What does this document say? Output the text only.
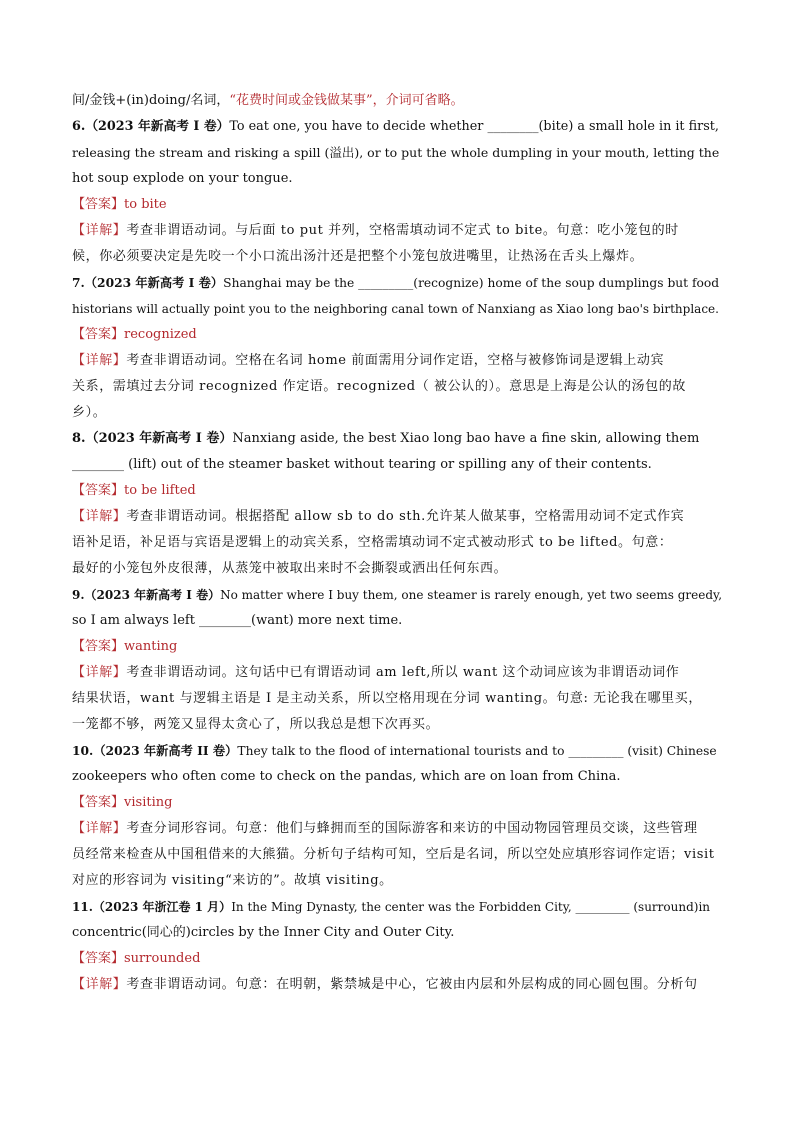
间/金钱+(in)doing/名词，“花费时间或金钱做某事”，介词可省略。
6.（2023 年新高考 I 卷）To eat one, you have to decide whether ________(bite) a small hole in it first,
releasing the stream and risking a spill (溢出), or to put the whole dumpling in your mouth, letting the
hot soup explode on your tongue.
【答案】to bite
【详解】考查非谓语动词。与后面 to put 并列，空格需填动词不定式 to bite。句意：吃小笼包的时
候，你必须要决定是先咬一个小口流出汤汁还是把整个小笼包放进嘴里，让热汤在舌头上爆炸。
7.（2023 年新高考 I 卷）Shanghai may be the _________(recognize) home of the soup dumplings but food
historians will actually point you to the neighboring canal town of Nanxiang as Xiao long bao's birthplace.
【答案】recognized
【详解】考查非谓语动词。空格在名词 home 前面需用分词作定语，空格与被修饰词是逻辑上动宾
关系，需填过去分词 recognized 作定语。recognized（ 被公认的）。意思是上海是公认的汤包的故
乡）。
8.（2023 年新高考 I 卷）Nanxiang aside, the best Xiao long bao have a fine skin, allowing them
________ (lift) out of the steamer basket without tearing or spilling any of their contents.
【答案】to be lifted
【详解】考查非谓语动词。根据搭配 allow sb to do sth.允许某人做某事，空格需用动词不定式作宾
语补足语，补足语与宾语是逻辑上的动宾关系，空格需填动词不定式被动形式 to be lifted。句意：
最好的小笼包外皮很薄，从蒸笼中被取出来时不会撕裂或洒出任何东西。
9.（2023 年新高考 I 卷）No matter where I buy them, one steamer is rarely enough, yet two seems greedy,
so I am always left ________(want) more next time.
【答案】wanting
【详解】考查非谓语动词。这句话中已有谓语动词 am left,所以 want 这个动词应该为非谓语动词作
结果状语，want 与逻辑主语是 I 是主动关系，所以空格用现在分词 wanting。句意: 无论我在哪里买，
一笼都不够，两笼又显得太贪心了，所以我总是想下次再买。
10.（2023 年新高考 II 卷）They talk to the flood of international tourists and to _________ (visit) Chinese
zookeepers who often come to check on the pandas, which are on loan from China.
【答案】visiting
【详解】考查分词形容词。句意：他们与蜂拥而至的国际游客和来访的中国动物园管理员交谈，这些管理
员经常来检查从中国租借来的大熊猫。分析句子结构可知，空后是名词，所以空处应填形容词作定语；visit
对应的形容词为 visiting“来访的”。故填 visiting。
11.（2023 年浙江卷 1 月）In the Ming Dynasty, the center was the Forbidden City, _________ (surround)in
concentric(同心的)circles by the Inner City and Outer City.
【答案】surrounded
【详解】考查非谓语动词。句意：在明朝，紫禁城是中心，它被由内层和外层构成的同心圆包围。分析句
